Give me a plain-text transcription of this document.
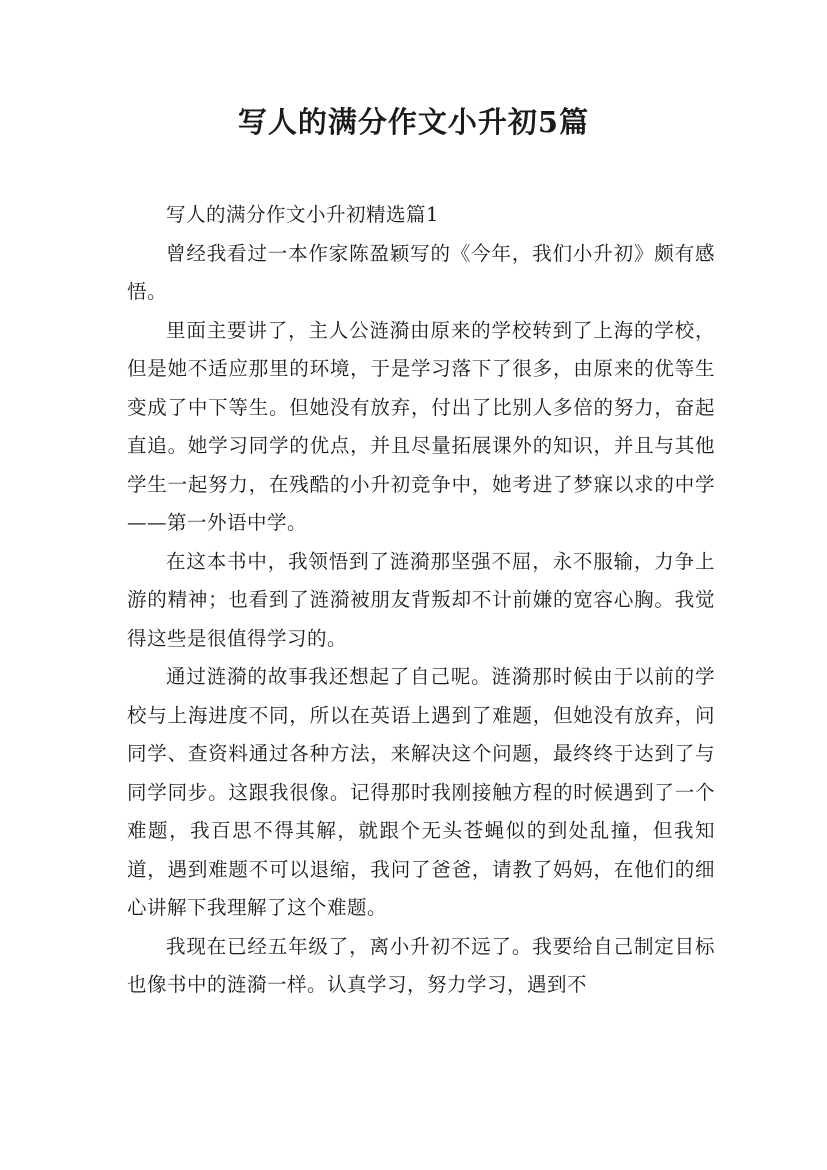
写人的满分作文小升初5篇

写人的满分作文小升初精选篇1

曾经我看过一本作家陈盈颖写的《今年，我们小升初》颇有感悟。

里面主要讲了，主人公涟漪由原来的学校转到了上海的学校，但是她不适应那里的环境，于是学习落下了很多，由原来的优等生变成了中下等生。但她没有放弃，付出了比别人多倍的努力，奋起直追。她学习同学的优点，并且尽量拓展课外的知识，并且与其他学生一起努力，在残酷的小升初竞争中，她考进了梦寐以求的中学——第一外语中学。

在这本书中，我领悟到了涟漪那坚强不屈，永不服输，力争上游的精神；也看到了涟漪被朋友背叛却不计前嫌的宽容心胸。我觉得这些是很值得学习的。

通过涟漪的故事我还想起了自己呢。涟漪那时候由于以前的学校与上海进度不同，所以在英语上遇到了难题，但她没有放弃，问同学、查资料通过各种方法，来解决这个问题，最终终于达到了与同学同步。这跟我很像。记得那时我刚接触方程的时候遇到了一个难题，我百思不得其解，就跟个无头苍蝇似的到处乱撞，但我知道，遇到难题不可以退缩，我问了爸爸，请教了妈妈，在他们的细心讲解下我理解了这个难题。

我现在已经五年级了，离小升初不远了。我要给自己制定目标也像书中的涟漪一样。认真学习，努力学习，遇到不
